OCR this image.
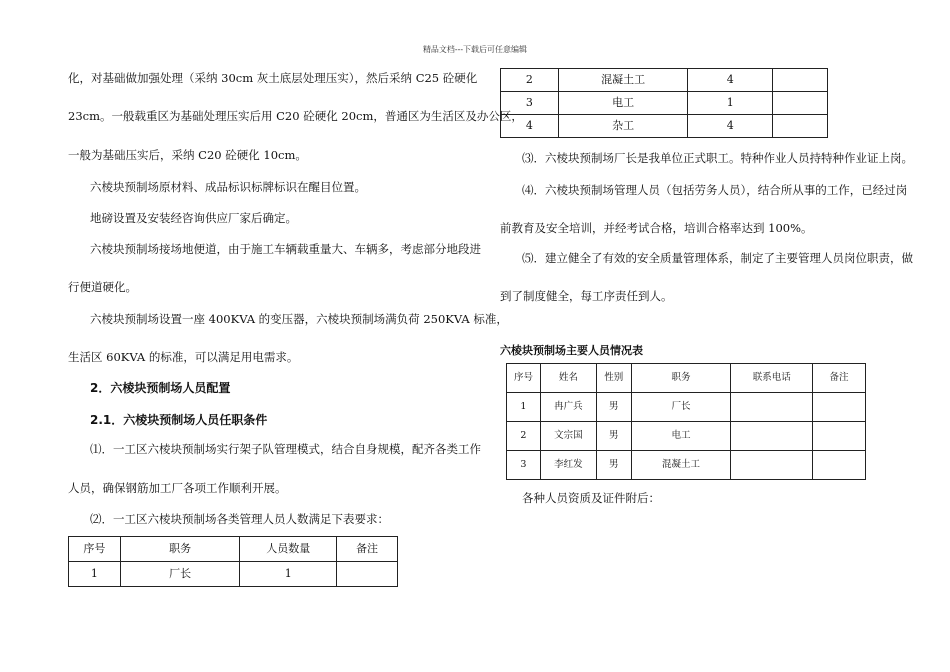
精品文档---下载后可任意编辑

化，对基础做加强处理（采纳 30cm 灰土底层处理压实），然后采纳 C25 砼硬化

23cm。一般载重区为基础处理压实后用 C20 砼硬化 20cm，普通区为生活区及办公区，

一般为基础压实后，采纳 C20 砼硬化 10cm。

六棱块预制场原材料、成品标识标牌标识在醒目位置。

地磅设置及安装经咨询供应厂家后确定。

六棱块预制场接场地便道，由于施工车辆载重量大、车辆多，考虑部分地段进

行便道硬化。

六棱块预制场设置一座 400KVA 的变压器，六棱块预制场满负荷 250KVA 标准，

生活区 60KVA 的标准，可以满足用电需求。

2．六棱块预制场人员配置

2.1．六棱块预制场人员任职条件

⑴．一工区六棱块预制场实行架子队管理模式，结合自身规模，配齐各类工作

人员，确保钢筋加工厂各项工作顺利开展。

⑵．一工区六棱块预制场各类管理人员人数满足下表要求：

序号	职务	人员数量	备注
1	厂长	1	
2	混凝土工	4	
3	电工	1	
4	杂工	4	

⑶．六棱块预制场厂长是我单位正式职工。特种作业人员持特种作业证上岗。

⑷．六棱块预制场管理人员（包括劳务人员），结合所从事的工作，已经过岗

前教育及安全培训，并经考试合格，培训合格率达到 100%。

⑸．建立健全了有效的安全质量管理体系，制定了主要管理人员岗位职责，做

到了制度健全，每工序责任到人。

六棱块预制场主要人员情况表

序号	姓名	性别	职务	联系电话	备注
1	冉广兵	男	厂长		
2	文宗国	男	电工		
3	李红发	男	混凝土工		

各种人员资质及证件附后：
